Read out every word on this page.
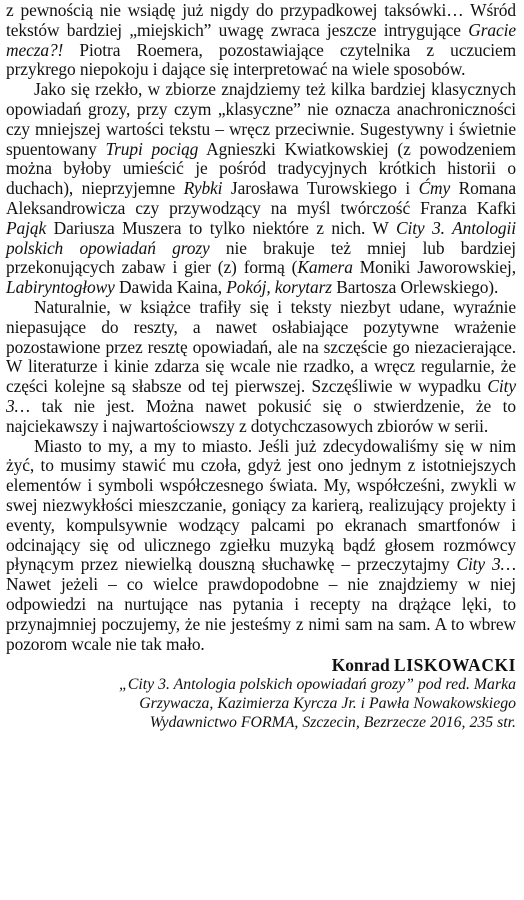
z pewnością nie wsiądę już nigdy do przypadkowej taksówki… Wśród tekstów bardziej „miejskich” uwagę zwraca jeszcze intrygujące Gracie mecza?! Piotra Roemera, pozostawiające czytelnika z uczuciem przykrego niepokoju i dające się interpretować na wiele sposobów.

Jako się rzekło, w zbiorze znajdziemy też kilka bardziej klasycznych opowiadań grozy, przy czym „klasyczne” nie oznacza anachroniczności czy mniejszej wartości tekstu – wręcz przeciwnie. Sugestywny i świetnie spuentowany Trupi pociąg Agnieszki Kwiatkowskiej (z powodzeniem można byłoby umieścić je pośród tradycyjnych krótkich historii o duchach), nieprzyjemne Rybki Jarosława Turowskiego i Ćmy Romana Aleksandrowicza czy przywodzący na myśl twórczość Franza Kafki Pająk Dariusza Muszera to tylko niektóre z nich. W City 3. Antologii polskich opowiadań grozy nie brakuje też mniej lub bardziej przekonujących zabaw i gier (z) formą (Kamera Moniki Jaworowskiej, Labiryntogłowy Dawida Kaina, Pokój, korytarz Bartosza Orlewskiego).

Naturalnie, w książce trafiły się i teksty niezbyt udane, wyraźnie niepasujące do reszty, a nawet osłabiające pozytywne wrażenie pozostawione przez resztę opowiadań, ale na szczęście go niezacierające. W literaturze i kinie zdarza się wcale nie rzadko, a wręcz regularnie, że części kolejne są słabsze od tej pierwszej. Szczęśliwie w wypadku City 3… tak nie jest. Można nawet pokusić się o stwierdzenie, że to najciekawszy i najwartościowszy z dotychczasowych zbiorów w serii.

Miasto to my, a my to miasto. Jeśli już zdecydowaliśmy się w nim żyć, to musimy stawić mu czoła, gdyż jest ono jednym z istotniejszych elementów i symboli współczesnego świata. My, współcześni, zwykli w swej niezwykłości mieszczanie, goniący za karierą, realizujący projekty i eventy, kompulsywnie wodzący palcami po ekranach smartfonów i odcinający się od ulicznego zgiełku muzyką bądź głosem rozmówcy płynącym przez niewielką douszną słuchawkę – przeczytajmy City 3… Nawet jeżeli – co wielce prawdopodobne – nie znajdziemy w niej odpowiedzi na nurtujące nas pytania i recepty na drążące lęki, to przynajmniej poczujemy, że nie jesteśmy z nimi sam na sam. A to wbrew pozorom wcale nie tak mało.

Konrad LISKOWACKI

„City 3. Antologia polskich opowiadań grozy” pod red. Marka
Grzywacza, Kazimierza Kyrcza Jr. i Pawła Nowakowskiego
Wydawnictwo FORMA, Szczecin, Bezrzecze 2016, 235 str.
